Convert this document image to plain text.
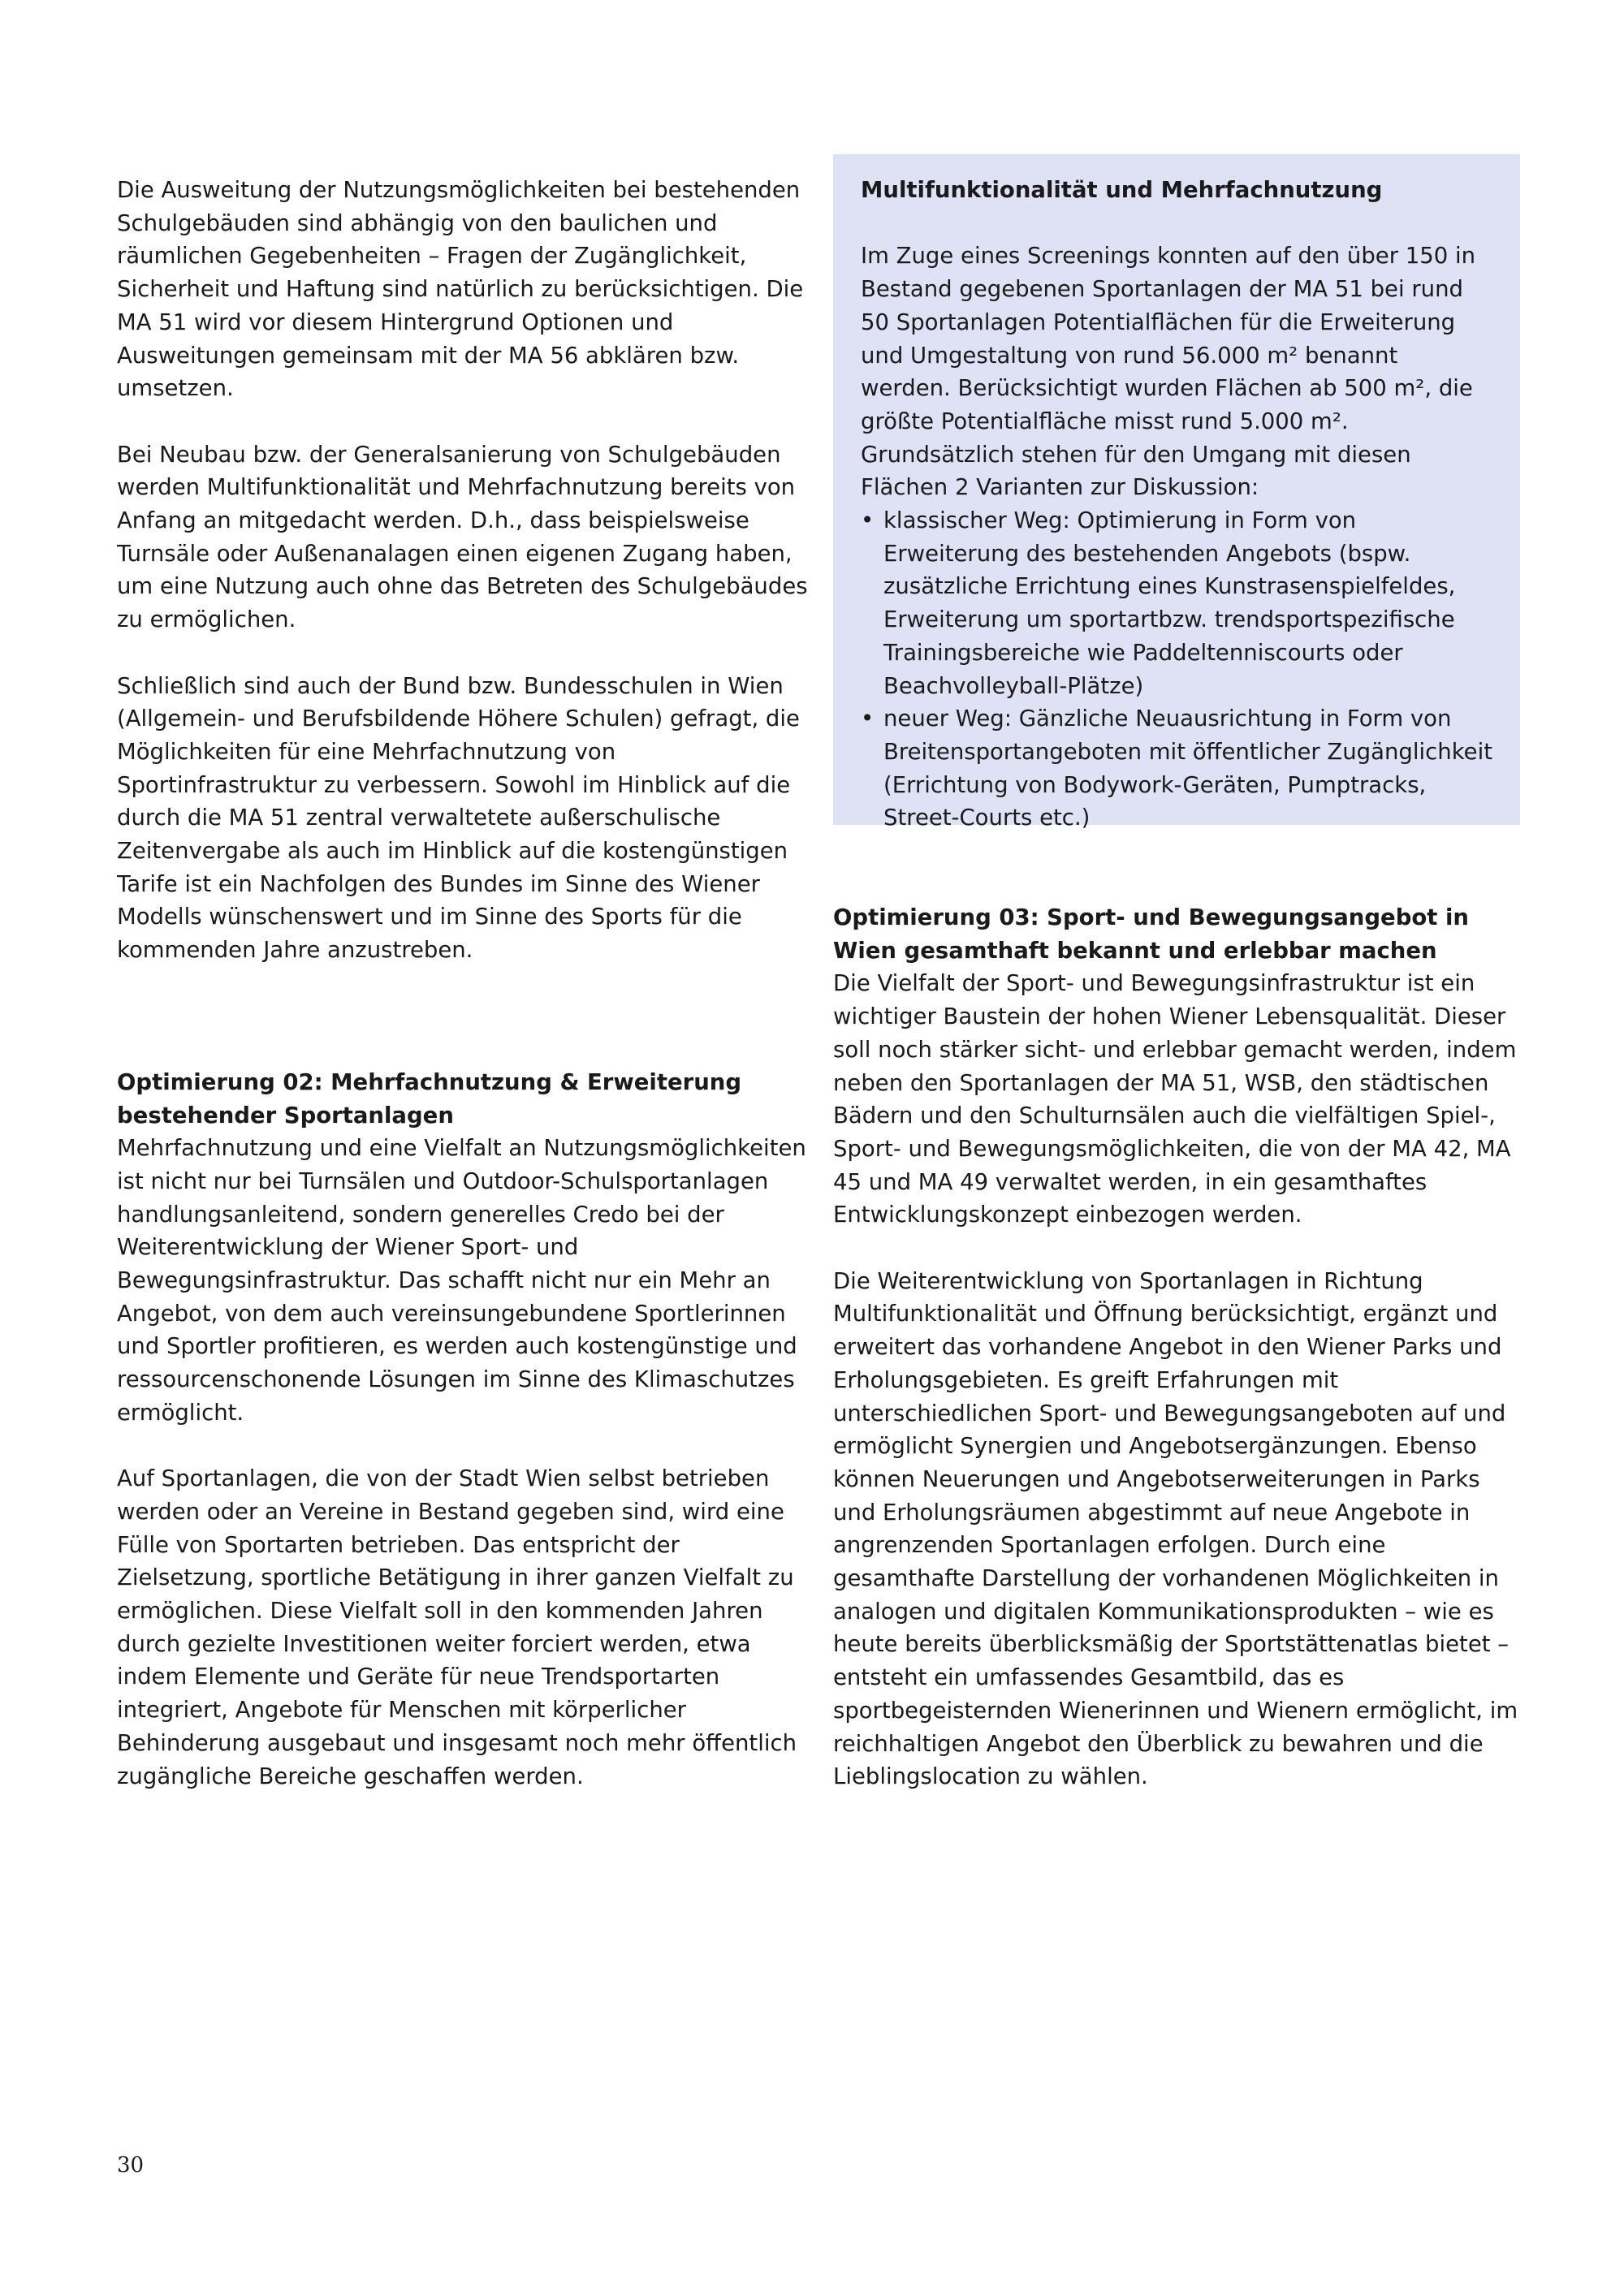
Die Ausweitung der Nutzungsmöglichkeiten bei bestehenden Schulgebäuden sind abhängig von den baulichen und räumlichen Gegebenheiten – Fragen der Zugänglichkeit, Sicherheit und Haftung sind natürlich zu berücksichtigen. Die MA 51 wird vor diesem Hintergrund Optionen und Ausweitungen gemeinsam mit der MA 56 abklären bzw. umsetzen.

Bei Neubau bzw. der Generalsanierung von Schulgebäuden werden Multifunktionalität und Mehrfachnutzung bereits von Anfang an mitgedacht werden. D.h., dass beispielsweise Turnsäle oder Außenanalagen einen eigenen Zugang haben, um eine Nutzung auch ohne das Betreten des Schulgebäudes zu ermöglichen.

Schließlich sind auch der Bund bzw. Bundesschulen in Wien (Allgemein- und Berufsbildende Höhere Schulen) gefragt, die Möglichkeiten für eine Mehrfachnutzung von Sportinfrastruktur zu verbessern. Sowohl im Hinblick auf die durch die MA 51 zentral verwaltetete außerschulische Zeitenvergabe als auch im Hinblick auf die kostengünstigen Tarife ist ein Nachfolgen des Bundes im Sinne des Wiener Modells wünschenswert und im Sinne des Sports für die kommenden Jahre anzustreben.

Optimierung 02: Mehrfachnutzung & Erweiterung bestehender Sportanlagen

Mehrfachnutzung und eine Vielfalt an Nutzungsmöglichkeiten ist nicht nur bei Turnsälen und Outdoor-Schulsportanlagen handlungsanleitend, sondern generelles Credo bei der Weiterentwicklung der Wiener Sport- und Bewegungsinfrastruktur. Das schafft nicht nur ein Mehr an Angebot, von dem auch vereinsungebundene Sportlerinnen und Sportler profitieren, es werden auch kostengünstige und ressourcenschonende Lösungen im Sinne des Klimaschutzes ermöglicht.

Auf Sportanlagen, die von der Stadt Wien selbst betrieben werden oder an Vereine in Bestand gegeben sind, wird eine Fülle von Sportarten betrieben. Das entspricht der Zielsetzung, sportliche Betätigung in ihrer ganzen Vielfalt zu ermöglichen. Diese Vielfalt soll in den kommenden Jahren durch gezielte Investitionen weiter forciert werden, etwa indem Elemente und Geräte für neue Trendsportarten integriert, Angebote für Menschen mit körperlicher Behinderung ausgebaut und insgesamt noch mehr öffentlich zugängliche Bereiche geschaffen werden.

Multifunktionalität und Mehrfachnutzung

Im Zuge eines Screenings konnten auf den über 150 in Bestand gegebenen Sportanlagen der MA 51 bei rund 50 Sportanlagen Potentialflächen für die Erweiterung und Umgestaltung von rund 56.000 m² benannt werden. Berücksichtigt wurden Flächen ab 500 m², die größte Potentialfläche misst rund 5.000 m². Grundsätzlich stehen für den Umgang mit diesen Flächen 2 Varianten zur Diskussion:

• klassischer Weg: Optimierung in Form von Erweiterung des bestehenden Angebots (bspw. zusätzliche Errichtung eines Kunstrasenspielfeldes, Erweiterung um sportartbzw. trendsportspezifische Trainingsbereiche wie Paddeltenniscourts oder Beachvolleyball-Plätze)
• neuer Weg: Gänzliche Neuausrichtung in Form von Breitensportangeboten mit öffentlicher Zugänglichkeit (Errichtung von Bodywork-Geräten, Pumptracks, Street-Courts etc.)
Optimierung 03: Sport- und Bewegungsangebot in Wien gesamthaft bekannt und erlebbar machen

Die Vielfalt der Sport- und Bewegungsinfrastruktur ist ein wichtiger Baustein der hohen Wiener Lebensqualität. Dieser soll noch stärker sicht- und erlebbar gemacht werden, indem neben den Sportanlagen der MA 51, WSB, den städtischen Bädern und den Schulturnsälen auch die vielfältigen Spiel-, Sport- und Bewegungsmöglichkeiten, die von der MA 42, MA 45 und MA 49 verwaltet werden, in ein gesamthaftes Entwicklungskonzept einbezogen werden.

Die Weiterentwicklung von Sportanlagen in Richtung Multifunktionalität und Öffnung berücksichtigt, ergänzt und erweitert das vorhandene Angebot in den Wiener Parks und Erholungsgebieten. Es greift Erfahrungen mit unterschiedlichen Sport- und Bewegungsangeboten auf und ermöglicht Synergien und Angebotsergänzungen. Ebenso können Neuerungen und Angebotserweiterungen in Parks und Erholungsräumen abgestimmt auf neue Angebote in angrenzenden Sportanlagen erfolgen. Durch eine gesamthafte Darstellung der vorhandenen Möglichkeiten in analogen und digitalen Kommunikationsprodukten – wie es heute bereits überblicksmäßig der Sportstättenatlas bietet – entsteht ein umfassendes Gesamtbild, das es sportbegeisternden Wienerinnen und Wienern ermöglicht, im reichhaltigen Angebot den Überblick zu bewahren und die Lieblingslocation zu wählen.

30
